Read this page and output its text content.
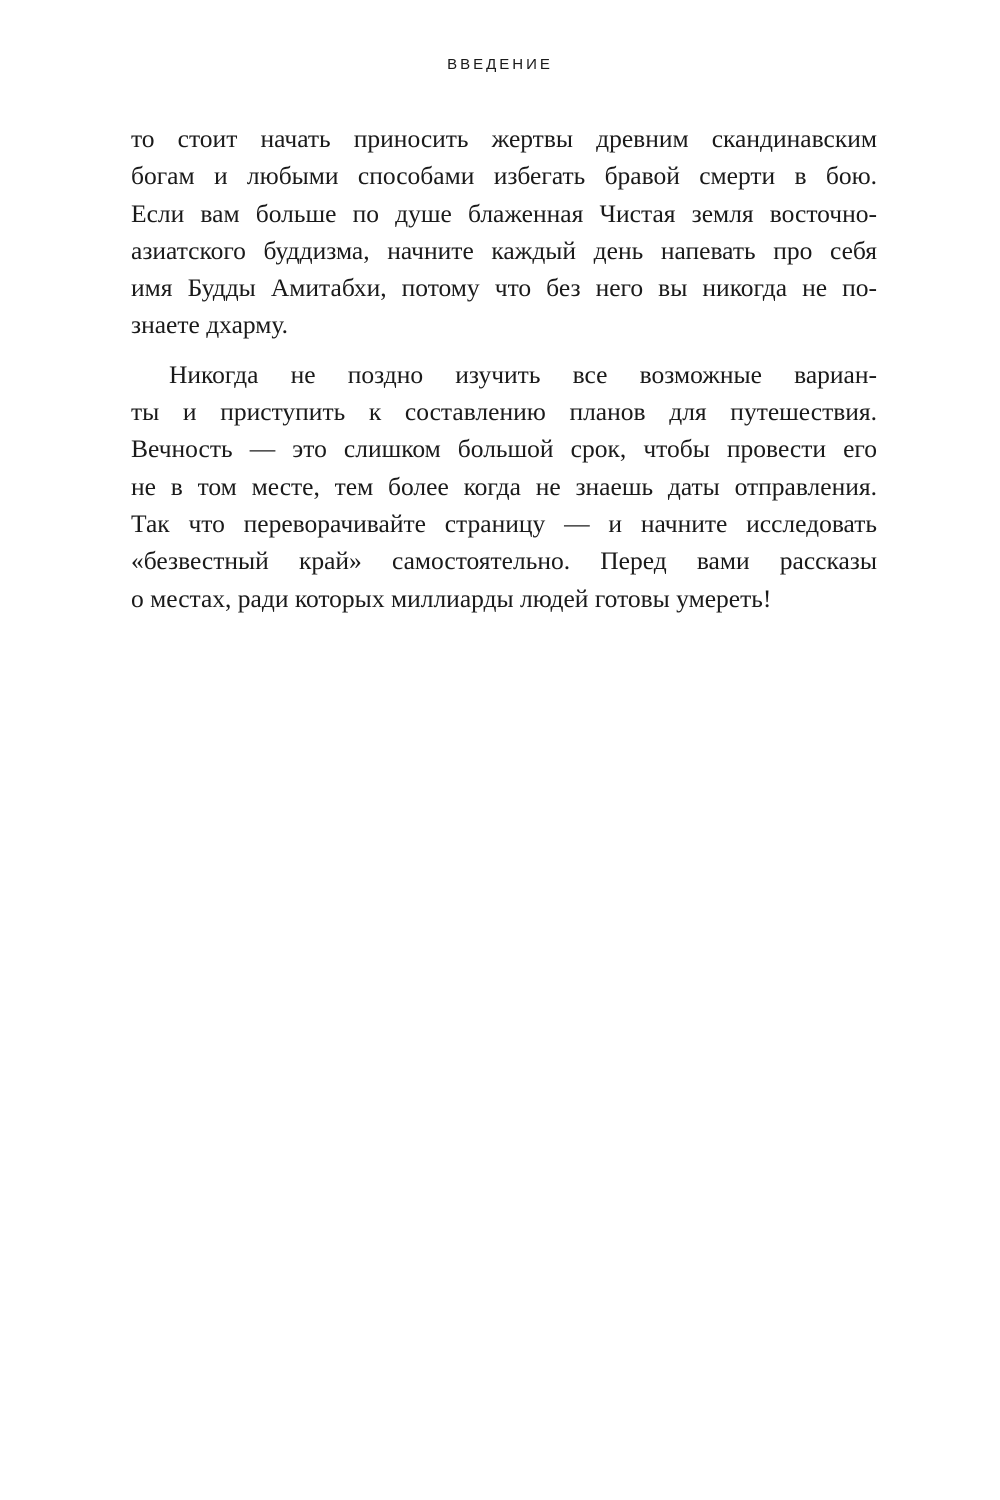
ВВЕДЕНИЕ
то стоит начать приносить жертвы древним скандинавским
богам и любыми способами избегать бравой смерти в бою.
Если вам больше по душе блаженная Чистая земля восточно-
азиатского буддизма, начните каждый день напевать про себя
имя Будды Амитабхи, потому что без него вы никогда не по-
знаете дхарму.
Никогда не поздно изучить все возможные вариан-
ты и приступить к составлению планов для путешествия.
Вечность — это слишком большой срок, чтобы провести его
не в том месте, тем более когда не знаешь даты отправления.
Так что переворачивайте страницу — и начните исследовать
«безвестный край» самостоятельно. Перед вами рассказы
о местах, ради которых миллиарды людей готовы умереть!
